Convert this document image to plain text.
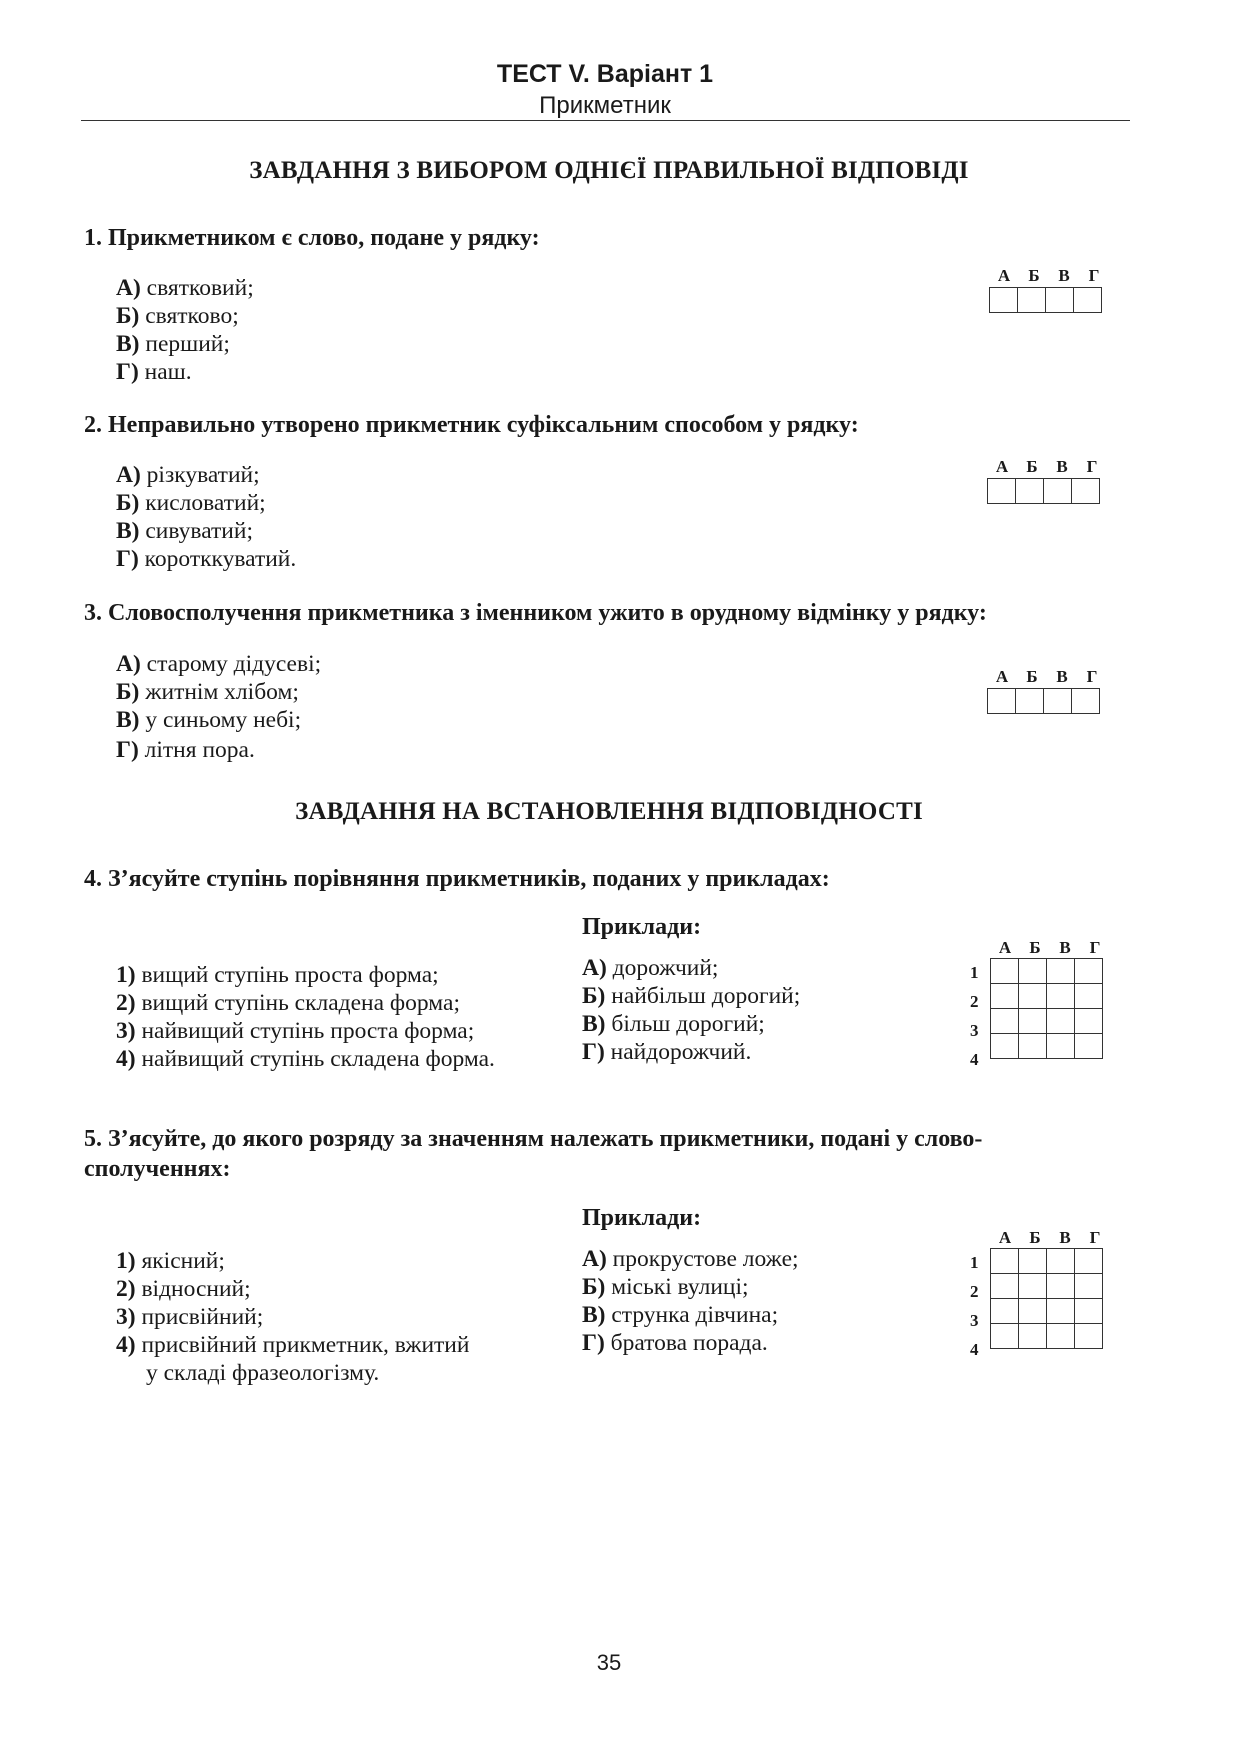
ТЕСТ V. Варіант 1
Прикметник
ЗАВДАННЯ З ВИБОРОМ ОДНІЄЇ ПРАВИЛЬНОЇ ВІДПОВІДІ
1. Прикметником є слово, подане у рядку:
А) святковий;
Б) святково;
В) перший;
Г) наш.
А	Б	В	Г

2. Неправильно утворено прикметник суфіксальним способом у рядку:
А) різкуватий;
Б) кисловатий;
В) сивуватий;
Г) коротккуватий.
А	Б	В	Г

3. Словосполучення прикметника з іменником ужито в орудному відмінку у рядку:
А) старому дідусеві;
Б) житнім хлібом;
В) у синьому небі;
Г) літня пора.
А	Б	В	Г

ЗАВДАННЯ НА ВСТАНОВЛЕННЯ ВІДПОВІДНОСТІ
4. З’ясуйте ступінь порівняння прикметників, поданих у прикладах:
Приклади:
1) вищий ступінь проста форма;
2) вищий ступінь складена форма;
3) найвищий ступінь проста форма;
4) найвищий ступінь складена форма.
А) дорожчий;
Б) найбільш дорогий;
В) більш дорогий;
Г) найдорожчий.
А	Б	В	Г
1
2
3
4

5. З’ясуйте, до якого розряду за значенням належать прикметники, подані у слово-
сполученнях:
Приклади:
1) якісний;
2) відносний;
3) присвійний;
4) присвійний прикметник, вжитий
у складі фразеологізму.
А) прокрустове ложе;
Б) міські вулиці;
В) струнка дівчина;
Г) братова порада.
А	Б	В	Г
1
2
3
4

35
